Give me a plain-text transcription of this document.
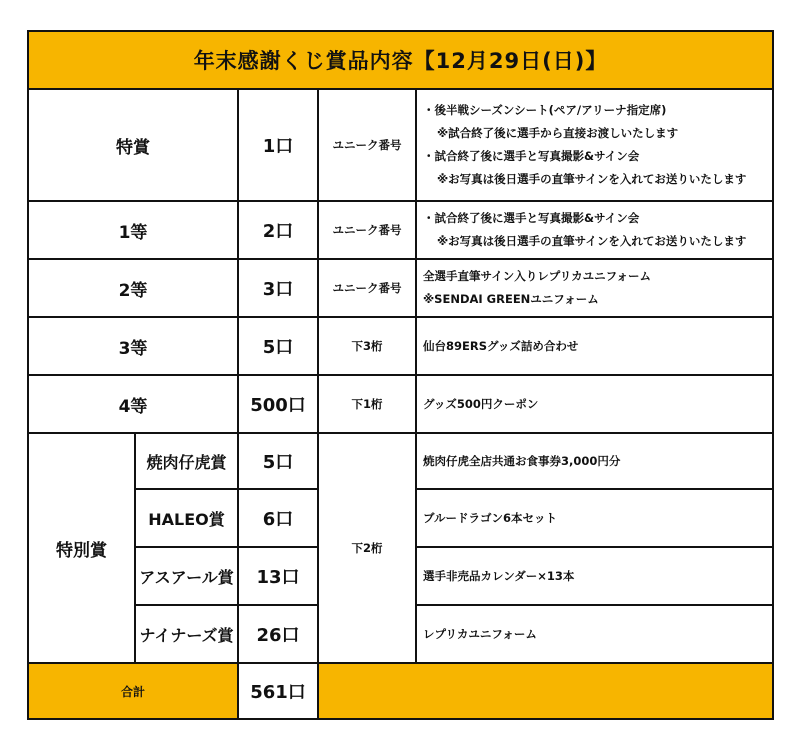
年末感謝くじ賞品内容【12月29日(日)】				
特賞		1口	ユニーク番号	・後半戦シーズンシート(ペア/アリーナ指定席)
※試合終了後に選手から直接お渡しいたします
・試合終了後に選手と写真撮影&サイン会
※お写真は後日選手の直筆サインを入れてお送りいたします

1等		2口	ユニーク番号	・試合終了後に選手と写真撮影&サイン会
※お写真は後日選手の直筆サインを入れてお送りいたします

2等		3口	ユニーク番号	全選手直筆サイン入りレプリカユニフォーム
※SENDAI GREENユニフォーム

3等		5口	下3桁	仙台89ERSグッズ詰め合わせ
4等		500口	下1桁	グッズ500円クーポン
特別賞	焼肉仔虎賞	5口	下2桁	焼肉仔虎全店共通お食事券3,000円分
	HALEO賞	6口		ブルードラゴン6本セット
	アスアール賞	13口		選手非売品カレンダー×13本
	ナイナーズ賞	26口		レプリカユニフォーム
合計		561口		
